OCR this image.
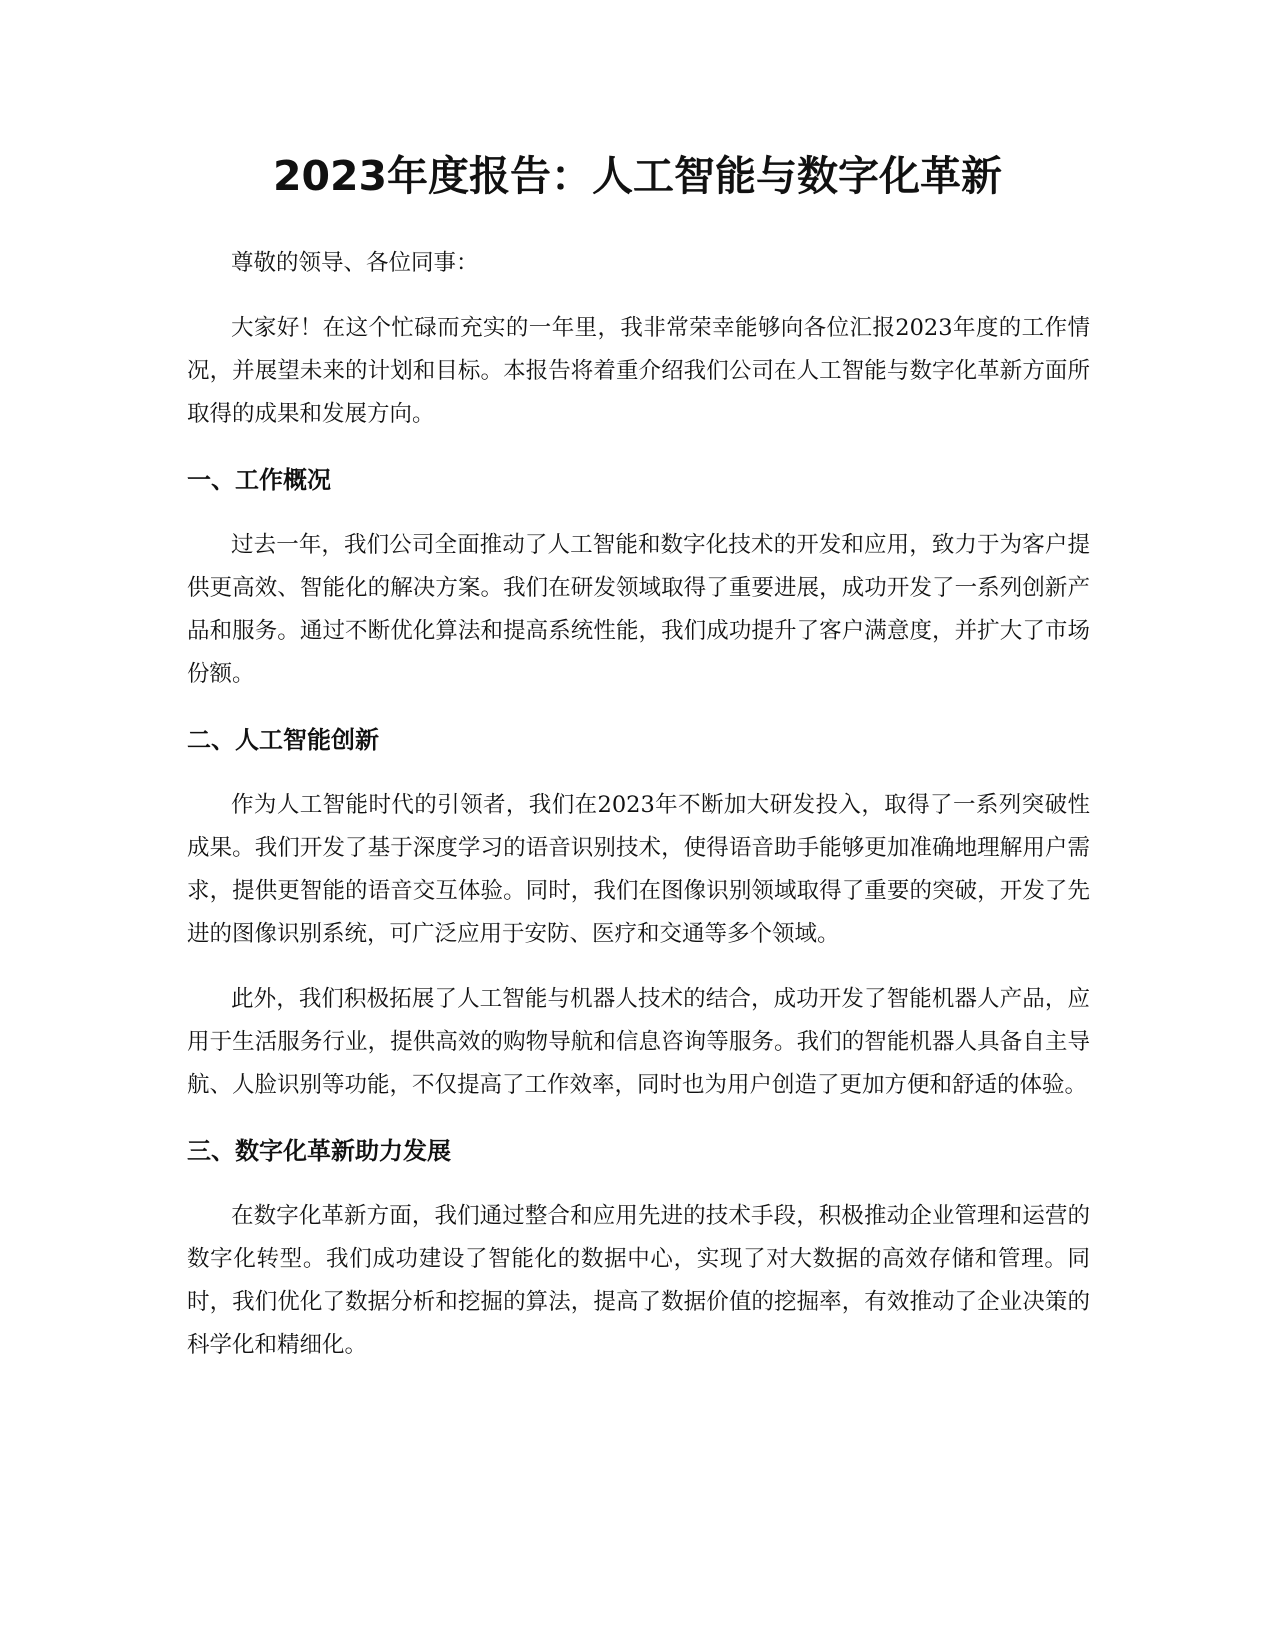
2023年度报告：人工智能与数字化革新

尊敬的领导、各位同事：

大家好！在这个忙碌而充实的一年里，我非常荣幸能够向各位汇报2023年度的工作情况，并展望未来的计划和目标。本报告将着重介绍我们公司在人工智能与数字化革新方面所取得的成果和发展方向。

一、工作概况

过去一年，我们公司全面推动了人工智能和数字化技术的开发和应用，致力于为客户提供更高效、智能化的解决方案。我们在研发领域取得了重要进展，成功开发了一系列创新产品和服务。通过不断优化算法和提高系统性能，我们成功提升了客户满意度，并扩大了市场份额。

二、人工智能创新

作为人工智能时代的引领者，我们在2023年不断加大研发投入，取得了一系列突破性成果。我们开发了基于深度学习的语音识别技术，使得语音助手能够更加准确地理解用户需求，提供更智能的语音交互体验。同时，我们在图像识别领域取得了重要的突破，开发了先进的图像识别系统，可广泛应用于安防、医疗和交通等多个领域。

此外，我们积极拓展了人工智能与机器人技术的结合，成功开发了智能机器人产品，应用于生活服务行业，提供高效的购物导航和信息咨询等服务。我们的智能机器人具备自主导航、人脸识别等功能，不仅提高了工作效率，同时也为用户创造了更加方便和舒适的体验。

三、数字化革新助力发展

在数字化革新方面，我们通过整合和应用先进的技术手段，积极推动企业管理和运营的数字化转型。我们成功建设了智能化的数据中心，实现了对大数据的高效存储和管理。同时，我们优化了数据分析和挖掘的算法，提高了数据价值的挖掘率，有效推动了企业决策的科学化和精细化。
